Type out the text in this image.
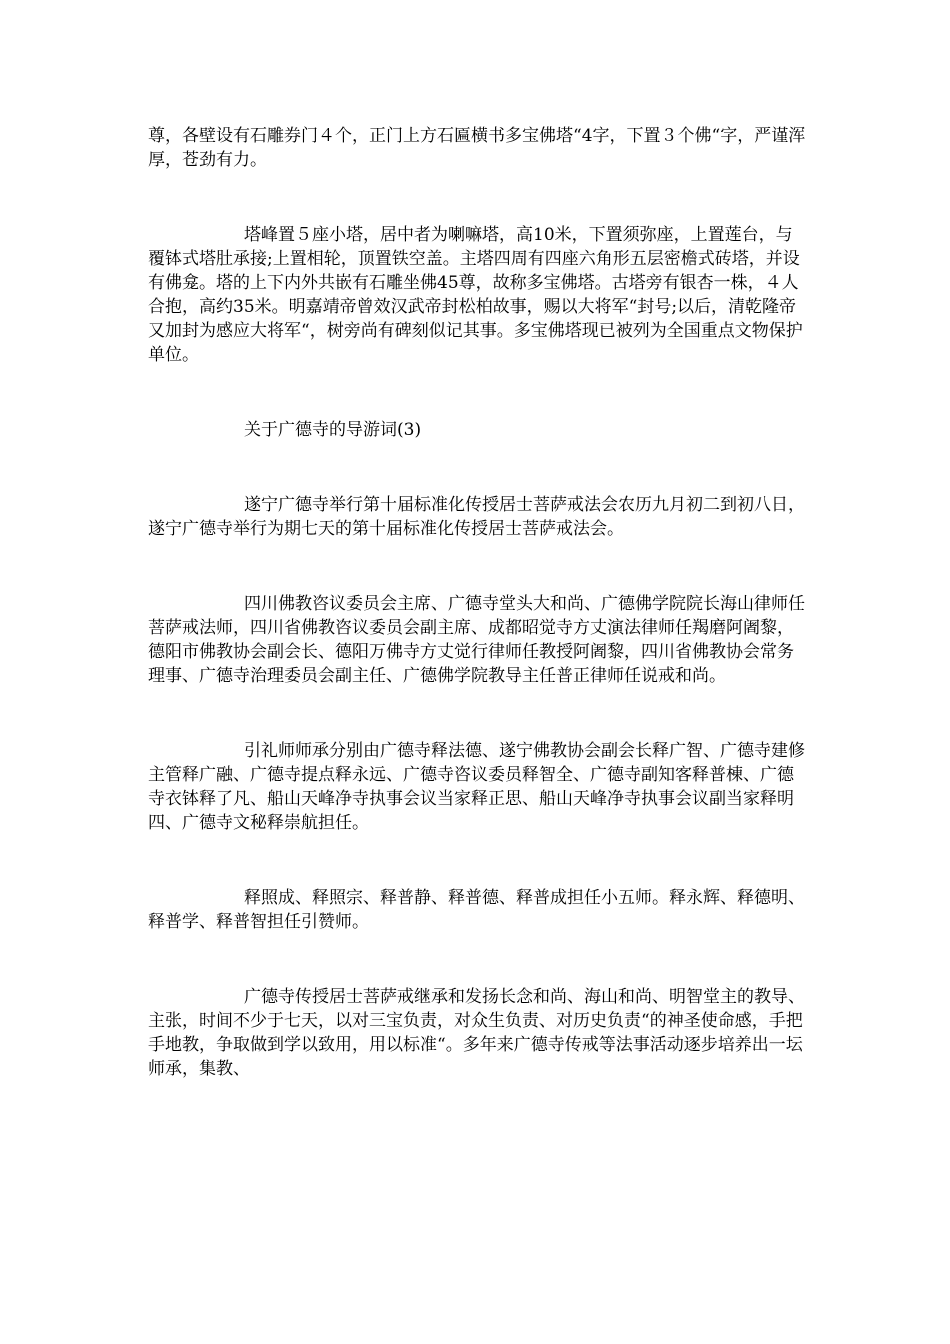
尊，各壁设有石雕券门４个，正门上方石匾横书多宝佛塔“4字，下置３个佛“字，严谨浑厚，苍劲有力。

塔峰置５座小塔，居中者为喇嘛塔，高10米，下置须弥座，上置莲台，与覆钵式塔肚承接;上置相轮，顶置铁空盖。主塔四周有四座六角形五层密檐式砖塔，并设有佛龛。塔的上下内外共嵌有石雕坐佛45尊，故称多宝佛塔。古塔旁有银杏一株，４人合抱，高约35米。明嘉靖帝曾效汉武帝封松柏故事，赐以大将军“封号;以后，清乾隆帝又加封为感应大将军“，树旁尚有碑刻似记其事。多宝佛塔现已被列为全国重点文物保护单位。

关于广德寺的导游词(3)

遂宁广德寺举行第十届标准化传授居士菩萨戒法会农历九月初二到初八日，遂宁广德寺举行为期七天的第十届标准化传授居士菩萨戒法会。

四川佛教咨议委员会主席、广德寺堂头大和尚、广德佛学院院长海山律师任菩萨戒法师，四川省佛教咨议委员会副主席、成都昭觉寺方丈演法律师任羯磨阿阇黎，德阳市佛教协会副会长、德阳万佛寺方丈觉行律师任教授阿阇黎，四川省佛教协会常务理事、广德寺治理委员会副主任、广德佛学院教导主任普正律师任说戒和尚。

引礼师师承分别由广德寺释法德、遂宁佛教协会副会长释广智、广德寺建修主管释广融、广德寺提点释永远、广德寺咨议委员释智全、广德寺副知客释普棟、广德寺衣钵释了凡、船山天峰净寺执事会议当家释正思、船山天峰净寺执事会议副当家释明四、广德寺文秘释崇航担任。

释照成、释照宗、释普静、释普德、释普成担任小五师。释永辉、释德明、释普学、释普智担任引赞师。

广德寺传授居士菩萨戒继承和发扬长念和尚、海山和尚、明智堂主的教导、主张，时间不少于七天，以对三宝负责，对众生负责、对历史负责“的神圣使命感，手把手地教，争取做到学以致用，用以标准“。多年来广德寺传戒等法事活动逐步培养出一坛师承，集教、
